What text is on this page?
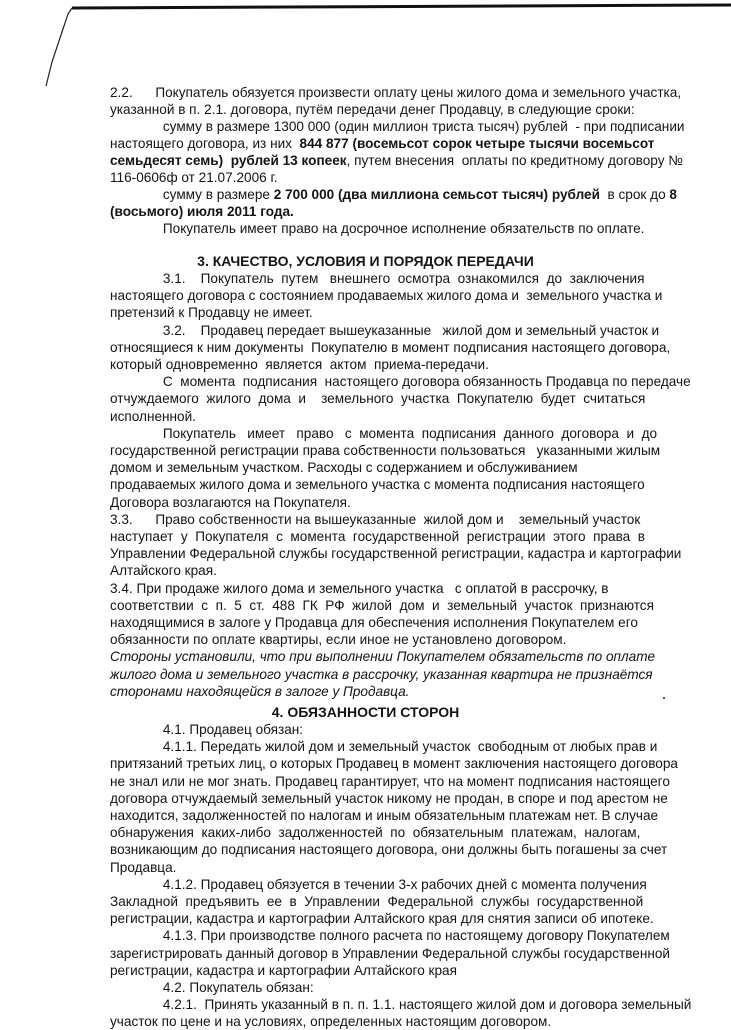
2.2.      Покупатель обязуется произвести оплату цены жилого дома и земельного участка,
указанной в п. 2.1. договора, путём передачи денег Продавцу, в следующие сроки:
сумму в размере 1300 000 (один миллион триста тысяч) рублей  - при подписании
настоящего договора, из них  844 877 (восемьсот сорок четыре тысячи восемьсот
семьдесят семь)  рублей 13 копеек, путем внесения  оплаты по кредитному договору №
116-0606ф от 21.07.2006 г.
сумму в размере 2 700 000 (два миллиона семьсот тысяч) рублей  в срок до 8
(восьмого) июля 2011 года.
Покупатель имеет право на досрочное исполнение обязательств по оплате.
3. КАЧЕСТВО, УСЛОВИЯ И ПОРЯДОК ПЕРЕДАЧИ
3.1.    Покупатель  путем   внешнего  осмотра  ознакомился  до  заключения
настоящего договора с состоянием продаваемых жилого дома и  земельного участка и
претензий к Продавцу не имеет.
3.2.    Продавец передает вышеуказанные   жилой дом и земельный участок и
относящиеся к ним документы  Покупателю в момент подписания настоящего договора,
который одновременно  является  актом  приема-передачи.
С  момента  подписания  настоящего договора обязанность Продавца по передаче
отчуждаемого  жилого  дома  и    земельного  участка  Покупателю  будет  считаться
исполненной.
Покупатель   имеет   право   с  момента  подписания  данного  договора  и  до
государственной регистрации права собственности пользоваться   указанными жилым
домом и земельным участком. Расходы с содержанием и обслуживанием
продаваемых жилого дома и земельного участка с момента подписания настоящего
Договора возлагаются на Покупателя.
3.3.      Право собственности на вышеуказанные  жилой дом и    земельный участок
наступает  у  Покупателя  с  момента  государственной  регистрации  этого  права  в
Управлении Федеральной службы государственной регистрации, кадастра и картографии
Алтайского края.
3.4. При продаже жилого дома и земельного участка   с оплатой в рассрочку, в
соответствии  с  п.  5  ст.  488  ГК  РФ  жилой  дом  и  земельный  участок  признаются
находящимися в залоге у Продавца для обеспечения исполнения Покупателем его
обязанности по оплате квартиры, если иное не установлено договором.
Стороны установили, что при выполнении Покупателем обязательств по оплате
жилого дома и земельного участка в рассрочку, указанная квартира не признаётся
сторонами находящейся в залоге у Продавца.
4. ОБЯЗАННОСТИ СТОРОН
4.1. Продавец обязан:
4.1.1. Передать жилой дом и земельный участок  свободным от любых прав и
притязаний третьих лиц, о которых Продавец в момент заключения настоящего договора
не знал или не мог знать. Продавец гарантирует, что на момент подписания настоящего
договора отчуждаемый земельный участок никому не продан, в споре и под арестом не
находится, задолженностей по налогам и иным обязательным платежам нет. В случае
обнаружения  каких-либо  задолженностей  по  обязательным  платежам,  налогам,
возникающим до подписания настоящего договора, они должны быть погашены за счет
Продавца.
4.1.2. Продавец обязуется в течении 3-х рабочих дней с момента получения
Закладной  предъявить  ее  в  Управлении  Федеральной  службы  государственной
регистрации, кадастра и картографии Алтайского края для снятия записи об ипотеке.
4.1.3. При производстве полного расчета по настоящему договору Покупателем
зарегистрировать данный договор в Управлении Федеральной службы государственной
регистрации, кадастра и картографии Алтайского края
4.2. Покупатель обязан:
4.2.1.  Принять указанный в п. п. 1.1. настоящего жилой дом и договора земельный
участок по цене и на условиях, определенных настоящим договором.
